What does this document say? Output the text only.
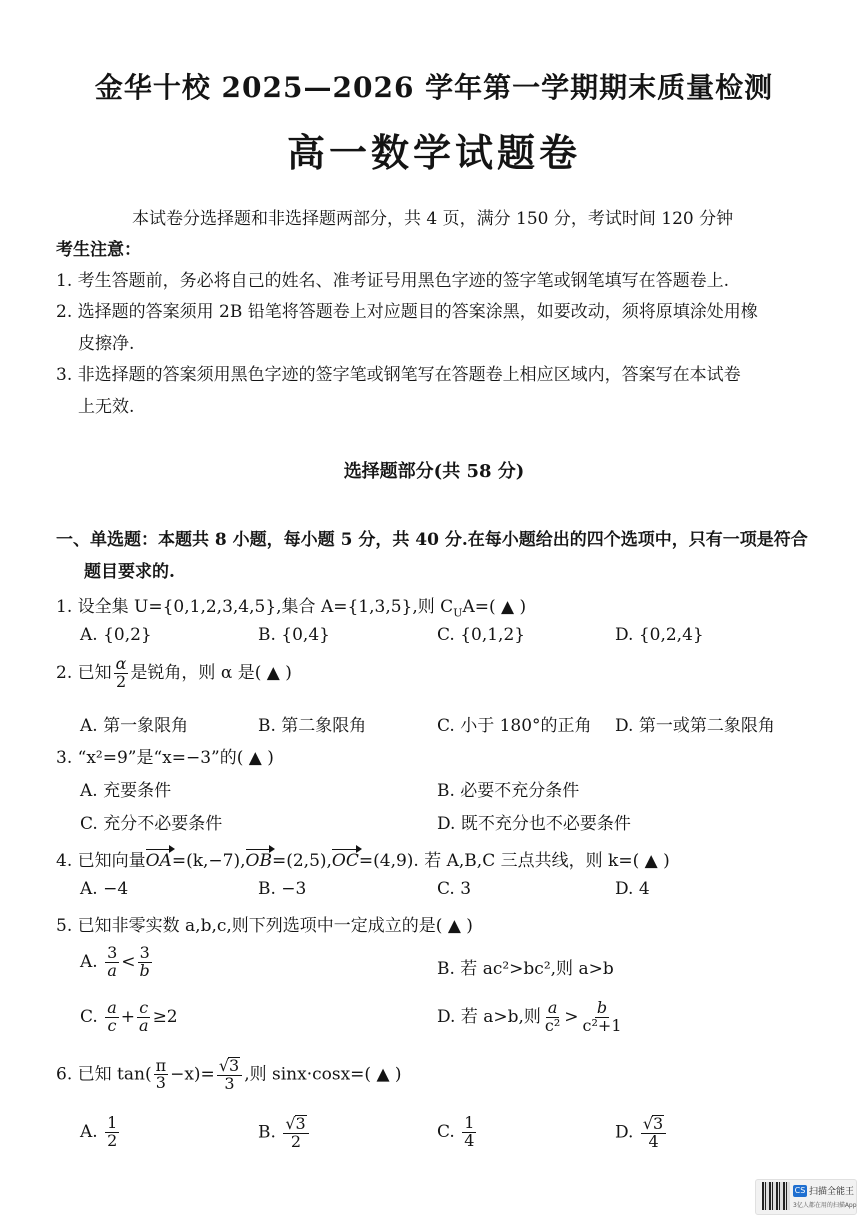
金华十校 2025—2026 学年第一学期期末质量检测
高一数学试题卷
本试卷分选择题和非选择题两部分，共 4 页，满分 150 分，考试时间 120 分钟
考生注意：
1. 考生答题前，务必将自己的姓名、准考证号用黑色字迹的签字笔或钢笔填写在答题卷上.
2. 选择题的答案须用 2B 铅笔将答题卷上对应题目的答案涂黑，如要改动，须将原填涂处用橡
皮擦净.
3. 非选择题的答案须用黑色字迹的签字笔或钢笔写在答题卷上相应区域内，答案写在本试卷
上无效.
选择题部分(共 58 分)
一、单选题：本题共 8 小题，每小题 5 分，共 40 分.在每小题给出的四个选项中，只有一项是符合
题目要求的.
1. 设全集 U={0,1,2,3,4,5},集合 A={1,3,5},则 $C_UA=$( ▲ )
A. {0,2}	B. {0,4}	C. {0,1,2}	D. {0,2,4}
2. 已知 $\frac{\alpha}{2}$ 是锐角，则 α 是( ▲ )
A. 第一象限角	B. 第二象限角	C. 小于 180°的正角 D. 第一或第二象限角
3. “x²=9”是“x=−3”的( ▲ )
A. 充要条件	B. 必要不充分条件
C. 充分不必要条件	D. 既不充分也不必要条件
4. 已知向量OA=(k,−7),OB=(2,5),OC=(4,9). 若 A,B,C 三点共线，则 k=( ▲ )
A. −4	B. −3	C. 3	D. 4
5. 已知非零实数 a,b,c,则下列选项中一定成立的是( ▲ )
A. $\frac{3}{a} < \frac{3}{b}$	B. 若 ac²>bc²,则 a>b
C. $\frac{a}{c} + \frac{c}{a} \ge 2$	D. 若 a>b,则 $\frac{a}{\text{c²}} > \frac{b}{\text{c²+1}}$
6. 已知 $\tan( \frac{\pi}{3} -x)= \frac{√3}{3}$ ,则 sinx·cosx=( ▲ )
A. $\frac{1}{2}$	B. $\frac{√3}{2}$	C. $\frac{1}{4}$	D. $\frac{√3}{4}$
CS 扫描全能王
3亿人都在用的扫描App
